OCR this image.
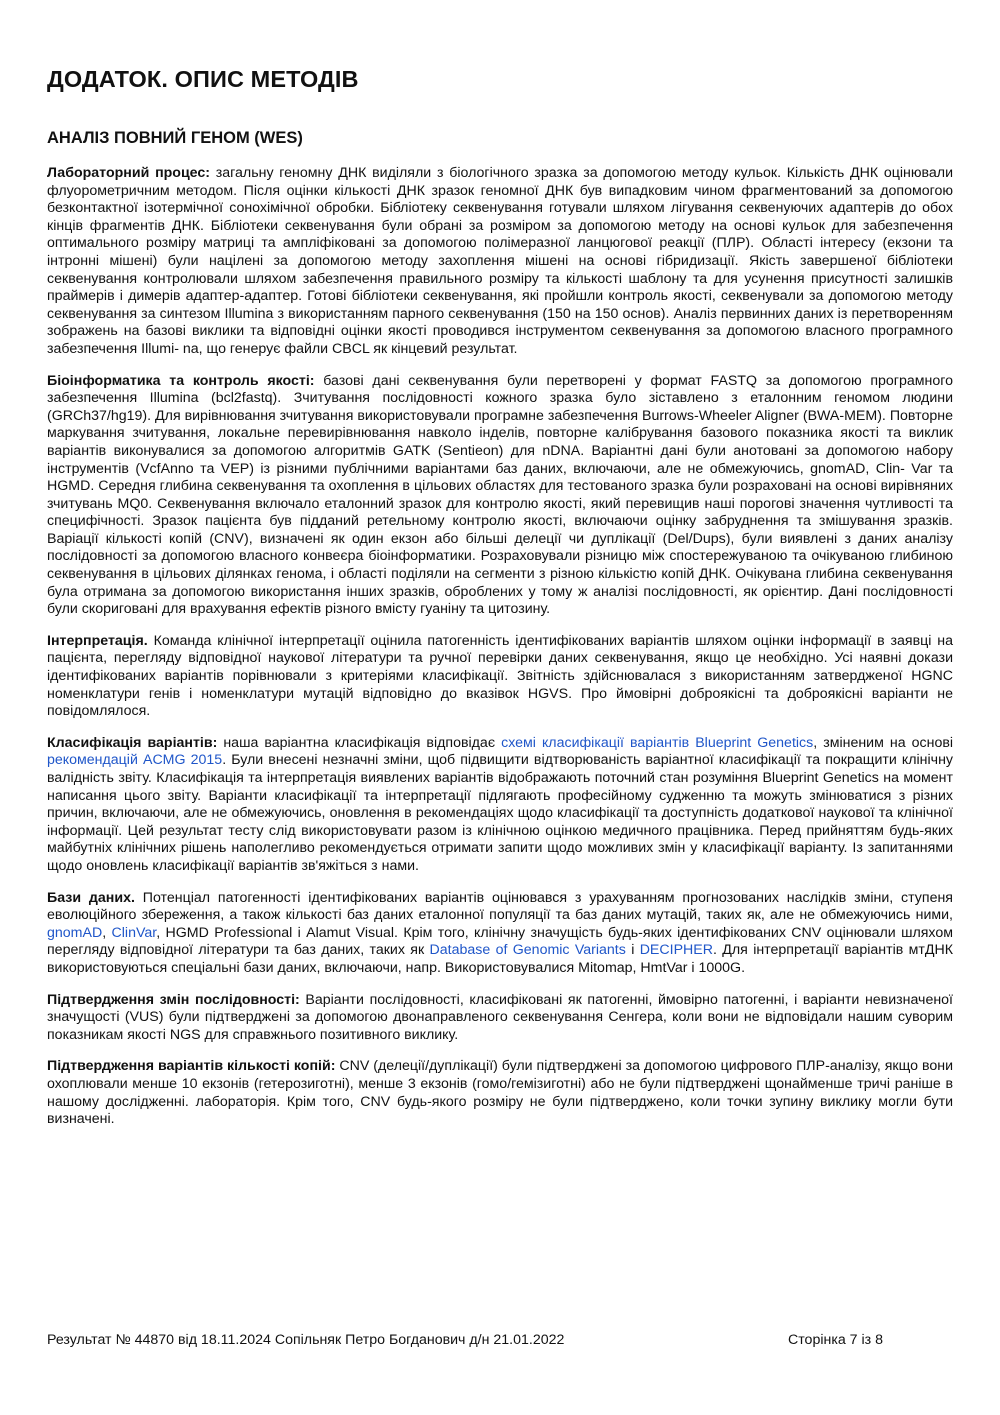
ДОДАТОК. ОПИС МЕТОДІВ
АНАЛІЗ ПОВНИЙ ГЕНОМ (WES)

Лабораторний процес: загальну геномну ДНК виділяли з біологічного зразка за допомогою методу кульок. Кількість ДНК оцінювали флуорометричним методом. Після оцінки кількості ДНК зразок геномної ДНК був випадковим чином фрагментований за допомогою безконтактної ізотермічної сонохімічної обробки. Бібліотеку секвенування готували шляхом лігування секвенуючих адаптерів до обох кінців фрагментів ДНК. Бібліотеки секвенування були обрані за розміром за допомогою методу на основі кульок для забезпечення оптимального розміру матриці та ампліфіковані за допомогою полімеразної ланцюгової реакції (ПЛР). Області інтересу (екзони та інтронні мішені) були націлені за допомогою методу захоплення мішені на основі гібридизації. Якість завершеної бібліотеки секвенування контролювали шляхом забезпечення правильного розміру та кількості шаблону та для усунення присутності залишків праймерів і димерів адаптер-адаптер. Готові бібліотеки секвенування, які пройшли контроль якості, секвенували за допомогою методу секвенування за синтезом Illumina з використанням парного секвенування (150 на 150 основ). Аналіз первинних даних із перетворенням зображень на базові виклики та відповідні оцінки якості проводився інструментом секвенування за допомогою власного програмного забезпечення Illumi- na, що генерує файли CBCL як кінцевий результат.

Біоінформатика та контроль якості: базові дані секвенування були перетворені у формат FASTQ за допомогою програмного забезпечення Illumina (bcl2fastq). Зчитування послідовності кожного зразка було зіставлено з еталонним геномом людини (GRCh37/hg19). Для вирівнювання зчитування використовували програмне забезпечення Burrows-Wheeler Aligner (BWA-MEM). Повторне маркування зчитування, локальне перевирівнювання навколо інделів, повторне калібрування базового показника якості та виклик варіантів виконувалися за допомогою алгоритмів GATK (Sentieon) для nDNA. Варіантні дані були анотовані за допомогою набору інструментів (VcfAnno та VEP) із різними публічними варіантами баз даних, включаючи, але не обмежуючись, gnomAD, Clin- Var та HGMD. Середня глибина секвенування та охоплення в цільових областях для тестованого зразка були розраховані на основі вирівняних зчитувань MQ0. Секвенування включало еталонний зразок для контролю якості, який перевищив наші порогові значення чутливості та специфічності. Зразок пацієнта був підданий ретельному контролю якості, включаючи оцінку забруднення та змішування зразків. Варіації кількості копій (CNV), визначені як один екзон або більші делеції чи дуплікації (Del/Dups), були виявлені з даних аналізу послідовності за допомогою власного конвеєра біоінформатики. Розраховували різницю між спостережуваною та очікуваною глибиною секвенування в цільових ділянках генома, і області поділяли на сегменти з різною кількістю копій ДНК. Очікувана глибина секвенування була отримана за допомогою використання інших зразків, оброблених у тому ж аналізі послідовності, як орієнтир. Дані послідовності були скориговані для врахування ефектів різного вмісту гуаніну та цитозину.

Інтерпретація. Команда клінічної інтерпретації оцінила патогенність ідентифікованих варіантів шляхом оцінки інформації в заявці на пацієнта, перегляду відповідної наукової літератури та ручної перевірки даних секвенування, якщо це необхідно. Усі наявні докази ідентифікованих варіантів порівнювали з критеріями класифікації. Звітність здійснювалася з використанням затвердженої HGNC номенклатури генів і номенклатури мутацій відповідно до вказівок HGVS. Про ймовірні доброякісні та доброякісні варіанти не повідомлялося.

Класифікація варіантів: наша варіантна класифікація відповідає схемі класифікації варіантів Blueprint Genetics, зміненим на основі рекомендацій ACMG 2015. Були внесені незначні зміни, щоб підвищити відтворюваність варіантної класифікації та покращити клінічну валідність звіту. Класифікація та інтерпретація виявлених варіантів відображають поточний стан розуміння Blueprint Genetics на момент написання цього звіту. Варіанти класифікації та інтерпретації підлягають професійному судженню та можуть змінюватися з різних причин, включаючи, але не обмежуючись, оновлення в рекомендаціях щодо класифікації та доступність додаткової наукової та клінічної інформації. Цей результат тесту слід використовувати разом із клінічною оцінкою медичного працівника. Перед прийняттям будь-яких майбутніх клінічних рішень наполегливо рекомендується отримати запити щодо можливих змін у класифікації варіанту. Із запитаннями щодо оновлень класифікації варіантів зв'яжіться з нами.

Бази даних. Потенціал патогенності ідентифікованих варіантів оцінювався з урахуванням прогнозованих наслідків зміни, ступеня еволюційного збереження, а також кількості баз даних еталонної популяції та баз даних мутацій, таких як, але не обмежуючись ними, gnomAD, ClinVar, HGMD Professional і Alamut Visual. Крім того, клінічну значущість будь-яких ідентифікованих CNV оцінювали шляхом перегляду відповідної літератури та баз даних, таких як Database of Genomic Variants і DECIPHER. Для інтерпретації варіантів мтДНК використовуються спеціальні бази даних, включаючи, напр. Використовувалися Mitomap, HmtVar і 1000G.

Підтвердження змін послідовності: Варіанти послідовності, класифіковані як патогенні, ймовірно патогенні, і варіанти невизначеної значущості (VUS) були підтверджені за допомогою двонаправленого секвенування Сенгера, коли вони не відповідали нашим суворим показникам якості NGS для справжнього позитивного виклику.

Підтвердження варіантів кількості копій: CNV (делеції/дуплікації) були підтверджені за допомогою цифрового ПЛР-аналізу, якщо вони охоплювали менше 10 екзонів (гетерозиготні), менше 3 екзонів (гомо/гемізиготні) або не були підтверджені щонайменше тричі раніше в нашому дослідженні. лабораторія. Крім того, CNV будь-якого розміру не були підтверджено, коли точки зупину виклику могли бути визначені.

Результат № 44870 від 18.11.2024 Сопільняк Петро Богданович д/н 21.01.2022	Сторінка 7 із 8
